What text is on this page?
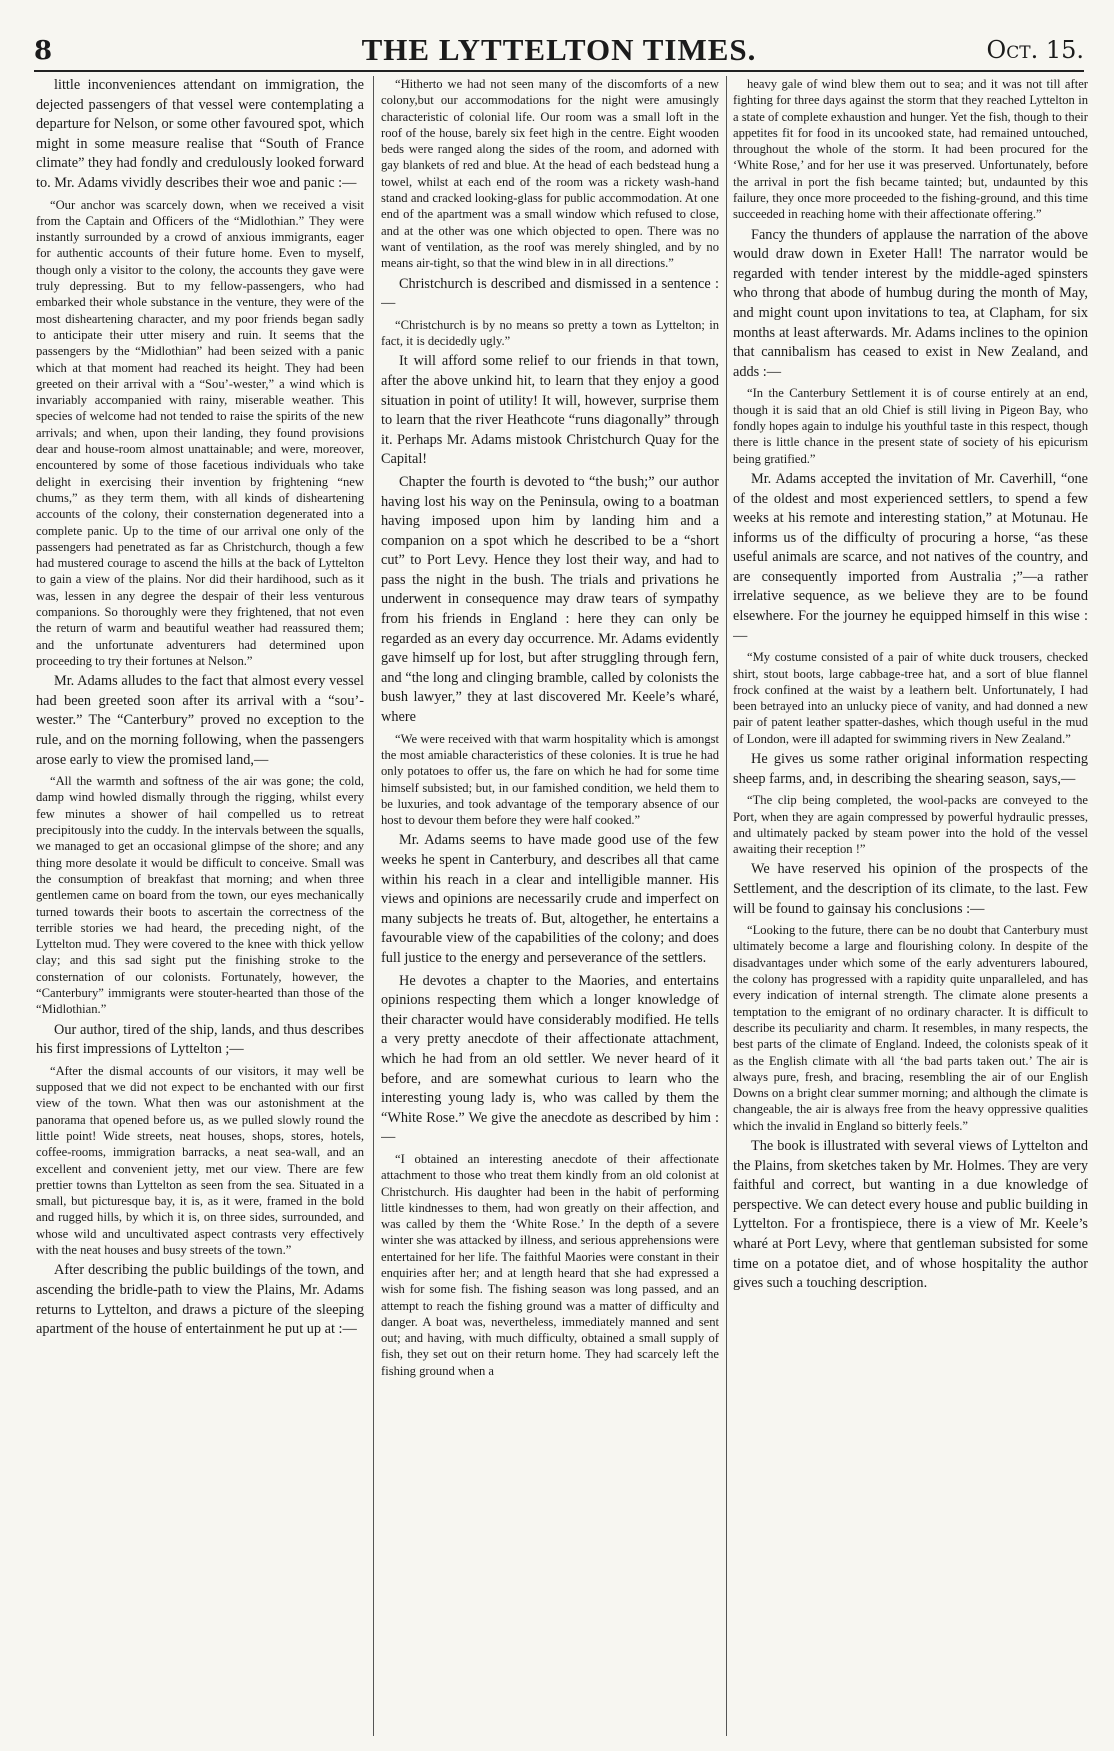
8	THE LYTTELTON TIMES.	Oct. 15.

little inconveniences attendant on immigration, the dejected passengers of that vessel were contemplating a departure for Nelson, or some other favoured spot, which might in some measure realise that “South of France climate” they had fondly and credulously looked forward to. Mr. Adams vividly describes their woe and panic :—

“Our anchor was scarcely down, when we received a visit from the Captain and Officers of the “Midlothian.” They were instantly surrounded by a crowd of anxious immigrants, eager for authentic accounts of their future home. Even to myself, though only a visitor to the colony, the accounts they gave were truly depressing. But to my fellow-passengers, who had embarked their whole substance in the venture, they were of the most disheartening character, and my poor friends began sadly to anticipate their utter misery and ruin. It seems that the passengers by the “Midlothian” had been seized with a panic which at that moment had reached its height. They had been greeted on their arrival with a “Sou’-wester,” a wind which is invariably accompanied with rainy, miserable weather. This species of welcome had not tended to raise the spirits of the new arrivals; and when, upon their landing, they found provisions dear and house-room almost unattainable; and were, moreover, encountered by some of those facetious individuals who take delight in exercising their invention by frightening “new chums,” as they term them, with all kinds of disheartening accounts of the colony, their consternation degenerated into a complete panic. Up to the time of our arrival one only of the passengers had penetrated as far as Christchurch, though a few had mustered courage to ascend the hills at the back of Lyttelton to gain a view of the plains. Nor did their hardihood, such as it was, lessen in any degree the despair of their less venturous companions. So thoroughly were they frightened, that not even the return of warm and beautiful weather had reassured them; and the unfortunate adventurers had determined upon proceeding to try their fortunes at Nelson.”

Mr. Adams alludes to the fact that almost every vessel had been greeted soon after its arrival with a “sou’-wester.” The “Canterbury” proved no exception to the rule, and on the morning following, when the passengers arose early to view the promised land,—

“All the warmth and softness of the air was gone; the cold, damp wind howled dismally through the rigging, whilst every few minutes a shower of hail compelled us to retreat precipitously into the cuddy. In the intervals between the squalls, we managed to get an occasional glimpse of the shore; and any thing more desolate it would be difficult to conceive. Small was the consumption of breakfast that morning; and when three gentlemen came on board from the town, our eyes mechanically turned towards their boots to ascertain the correctness of the terrible stories we had heard, the preceding night, of the Lyttelton mud. They were covered to the knee with thick yellow clay; and this sad sight put the finishing stroke to the consternation of our colonists. Fortunately, however, the “Canterbury” immigrants were stouter-hearted than those of the “Midlothian.”

Our author, tired of the ship, lands, and thus describes his first impressions of Lyttelton ;—

“After the dismal accounts of our visitors, it may well be supposed that we did not expect to be enchanted with our first view of the town. What then was our astonishment at the panorama that opened before us, as we pulled slowly round the little point! Wide streets, neat houses, shops, stores, hotels, coffee-rooms, immigration barracks, a neat sea-wall, and an excellent and convenient jetty, met our view. There are few prettier towns than Lyttelton as seen from the sea. Situated in a small, but picturesque bay, it is, as it were, framed in the bold and rugged hills, by which it is, on three sides, surrounded, and whose wild and uncultivated aspect contrasts very effectively with the neat houses and busy streets of the town.”

After describing the public buildings of the town, and ascending the bridle-path to view the Plains, Mr. Adams returns to Lyttelton, and draws a picture of the sleeping apartment of the house of entertainment he put up at :—

“Hitherto we had not seen many of the discomforts of a new colony,but our accommodations for the night were amusingly characteristic of colonial life. Our room was a small loft in the roof of the house, barely six feet high in the centre. Eight wooden beds were ranged along the sides of the room, and adorned with gay blankets of red and blue. At the head of each bedstead hung a towel, whilst at each end of the room was a rickety wash-hand stand and cracked looking-glass for public accommodation. At one end of the apartment was a small window which refused to close, and at the other was one which objected to open. There was no want of ventilation, as the roof was merely shingled, and by no means air-tight, so that the wind blew in in all directions.”

Christchurch is described and dismissed in a sentence :—

“Christchurch is by no means so pretty a town as Lyttelton; in fact, it is decidedly ugly.”

It will afford some relief to our friends in that town, after the above unkind hit, to learn that they enjoy a good situation in point of utility! It will, however, surprise them to learn that the river Heathcote “runs diagonally” through it. Perhaps Mr. Adams mistook Christchurch Quay for the Capital!

Chapter the fourth is devoted to “the bush;” our author having lost his way on the Peninsula, owing to a boatman having imposed upon him by landing him and a companion on a spot which he described to be a “short cut” to Port Levy. Hence they lost their way, and had to pass the night in the bush. The trials and privations he underwent in consequence may draw tears of sympathy from his friends in England : here they can only be regarded as an every day occurrence. Mr. Adams evidently gave himself up for lost, but after struggling through fern, and “the long and clinging bramble, called by colonists the bush lawyer,” they at last discovered Mr. Keele’s wharé, where

“We were received with that warm hospitality which is amongst the most amiable characteristics of these colonies. It is true he had only potatoes to offer us, the fare on which he had for some time himself subsisted; but, in our famished condition, we held them to be luxuries, and took advantage of the temporary absence of our host to devour them before they were half cooked.”

Mr. Adams seems to have made good use of the few weeks he spent in Canterbury, and describes all that came within his reach in a clear and intelligible manner. His views and opinions are necessarily crude and imperfect on many subjects he treats of. But, altogether, he entertains a favourable view of the capabilities of the colony; and does full justice to the energy and perseverance of the settlers.

He devotes a chapter to the Maories, and entertains opinions respecting them which a longer knowledge of their character would have considerably modified. He tells a very pretty anecdote of their affectionate attachment, which he had from an old settler. We never heard of it before, and are somewhat curious to learn who the interesting young lady is, who was called by them the “White Rose.” We give the anecdote as described by him :—

“I obtained an interesting anecdote of their affectionate attachment to those who treat them kindly from an old colonist at Christchurch. His daughter had been in the habit of performing little kindnesses to them, had won greatly on their affection, and was called by them the ‘White Rose.’ In the depth of a severe winter she was attacked by illness, and serious apprehensions were entertained for her life. The faithful Maories were constant in their enquiries after her; and at length heard that she had expressed a wish for some fish. The fishing season was long passed, and an attempt to reach the fishing ground was a matter of difficulty and danger. A boat was, nevertheless, immediately manned and sent out; and having, with much difficulty, obtained a small supply of fish, they set out on their return home. They had scarcely left the fishing ground when a

heavy gale of wind blew them out to sea; and it was not till after fighting for three days against the storm that they reached Lyttelton in a state of complete exhaustion and hunger. Yet the fish, though to their appetites fit for food in its uncooked state, had remained untouched, throughout the whole of the storm. It had been procured for the ‘White Rose,’ and for her use it was preserved. Unfortunately, before the arrival in port the fish became tainted; but, undaunted by this failure, they once more proceeded to the fishing-ground, and this time succeeded in reaching home with their affectionate offering.”

Fancy the thunders of applause the narration of the above would draw down in Exeter Hall! The narrator would be regarded with tender interest by the middle-aged spinsters who throng that abode of humbug during the month of May, and might count upon invitations to tea, at Clapham, for six months at least afterwards. Mr. Adams inclines to the opinion that cannibalism has ceased to exist in New Zealand, and adds :—

“In the Canterbury Settlement it is of course entirely at an end, though it is said that an old Chief is still living in Pigeon Bay, who fondly hopes again to indulge his youthful taste in this respect, though there is little chance in the present state of society of his epicurism being gratified.”

Mr. Adams accepted the invitation of Mr. Caverhill, “one of the oldest and most experienced settlers, to spend a few weeks at his remote and interesting station,” at Motunau. He informs us of the difficulty of procuring a horse, “as these useful animals are scarce, and not natives of the country, and are consequently imported from Australia ;”—a rather irrelative sequence, as we believe they are to be found elsewhere. For the journey he equipped himself in this wise : —

“My costume consisted of a pair of white duck trousers, checked shirt, stout boots, large cabbage-tree hat, and a sort of blue flannel frock confined at the waist by a leathern belt. Unfortunately, I had been betrayed into an unlucky piece of vanity, and had donned a new pair of patent leather spatter-dashes, which though useful in the mud of London, were ill adapted for swimming rivers in New Zealand.”

He gives us some rather original information respecting sheep farms, and, in describing the shearing season, says,—

“The clip being completed, the wool-packs are conveyed to the Port, when they are again compressed by powerful hydraulic presses, and ultimately packed by steam power into the hold of the vessel awaiting their reception !”

We have reserved his opinion of the prospects of the Settlement, and the description of its climate, to the last. Few will be found to gainsay his conclusions :—

“Looking to the future, there can be no doubt that Canterbury must ultimately become a large and flourishing colony. In despite of the disadvantages under which some of the early adventurers laboured, the colony has progressed with a rapidity quite unparalleled, and has every indication of internal strength. The climate alone presents a temptation to the emigrant of no ordinary character. It is difficult to describe its peculiarity and charm. It resembles, in many respects, the best parts of the climate of England. Indeed, the colonists speak of it as the English climate with all ‘the bad parts taken out.’ The air is always pure, fresh, and bracing, resembling the air of our English Downs on a bright clear summer morning; and although the climate is changeable, the air is always free from the heavy oppressive qualities which the invalid in England so bitterly feels.”

The book is illustrated with several views of Lyttelton and the Plains, from sketches taken by Mr. Holmes. They are very faithful and correct, but wanting in a due knowledge of perspective. We can detect every house and public building in Lyttelton. For a frontispiece, there is a view of Mr. Keele’s wharé at Port Levy, where that gentleman subsisted for some time on a potatoe diet, and of whose hospitality the author gives such a touching description.
